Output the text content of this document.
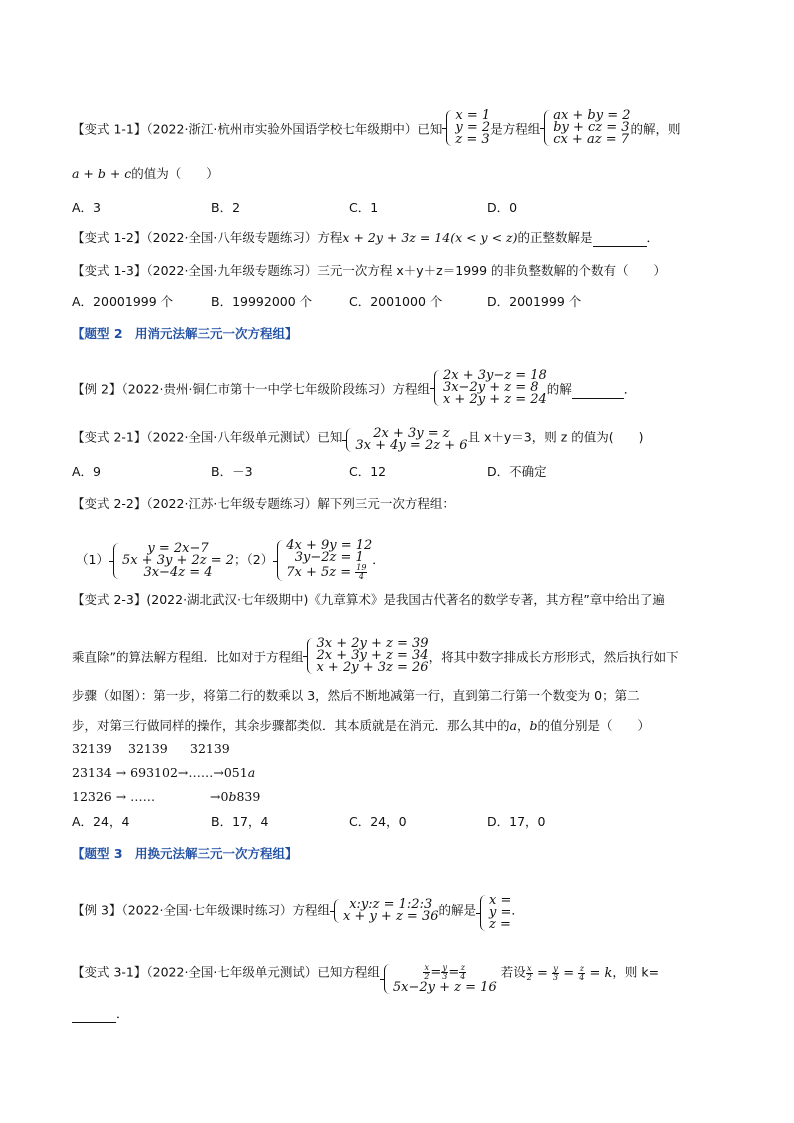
【变式 1-1】（2022·浙江·杭州市实验外国语学校七年级期中）已知
x = 1
y = 2
z = 3
是方程组
ax + by = 2
by + cz = 3
cx + az = 7
的解，则
a + b + c的值为（　　）
A．3	B．2	C．1	D．0
【变式 1-2】（2022·全国·八年级专题练习）方程x + 2y + 3z = 14(x < y < z)的正整数解是	．
【变式 1-3】（2022·全国·九年级专题练习）三元一次方程 x＋y＋z＝1999 的非负整数解的个数有（　　）
A．20001999 个	B．19992000 个	C．2001000 个	D．2001999 个
【题型 2　用消元法解三元一次方程组】
【例 2】（2022·贵州·铜仁市第十一中学七年级阶段练习）方程组
2x + 3y−z = 18
3x−2y + z = 8
x + 2y + z = 24
的解	．
【变式 2-1】（2022·全国·八年级单元测试）已知	2x + 3y = z
3x + 4y = 2z + 6
且 x＋y＝3，则 z 的值为(　　)
A．9	B．－3	C．12	D．不确定
【变式 2-2】（2022·江苏·七年级专题练习）解下列三元一次方程组：
（1）
y = 2x−7
5x + 3y + 2z = 2
3x−4z = 4
；（2）
4x + 9y = 12
3y−2z = 1
$7x + 5z = \frac{19}{4}$
．
【变式 2-3】(2022·湖北武汉·七年级期中)《九章算术》是我国古代著名的数学专著，其方程”章中给出了遍
乘直除”的算法解方程组．比如对于方程组
3x + 2y + z = 39
2x + 3y + z = 34
x + 2y + 3z = 26
，将其中数字排成长方形形式，然后执行如下
步骤（如图）：第一步，将第二行的数乘以 3，然后不断地减第一行，直到第二行第一个数变为 0；第二
步，对第三行做同样的操作，其余步骤都类似．其本质就是在消元．那么其中的a，b的值分别是（　　）
32139 32139 32139
23134 → 693102→……→051a
12326 → ……	→0b839
A．24，4	B．17，4	C．24，0	D．17，0
【题型 3　用换元法解三元一次方程组】
【例 3】（2022·全国·七年级课时练习）方程组	x:y:z = 1:2:3
x + y + z = 36 的解是
x =
y =
z =
．
【变式 3-1】（2022·全国·七年级单元测试）已知方程组	$\frac{x}{2} = \frac{y}{3} = \frac{z}{4}$
5x−2y + z = 16
若设 $\frac{x}{2} = \frac{y}{3} = \frac{z}{4} = k$，则 k=
．
